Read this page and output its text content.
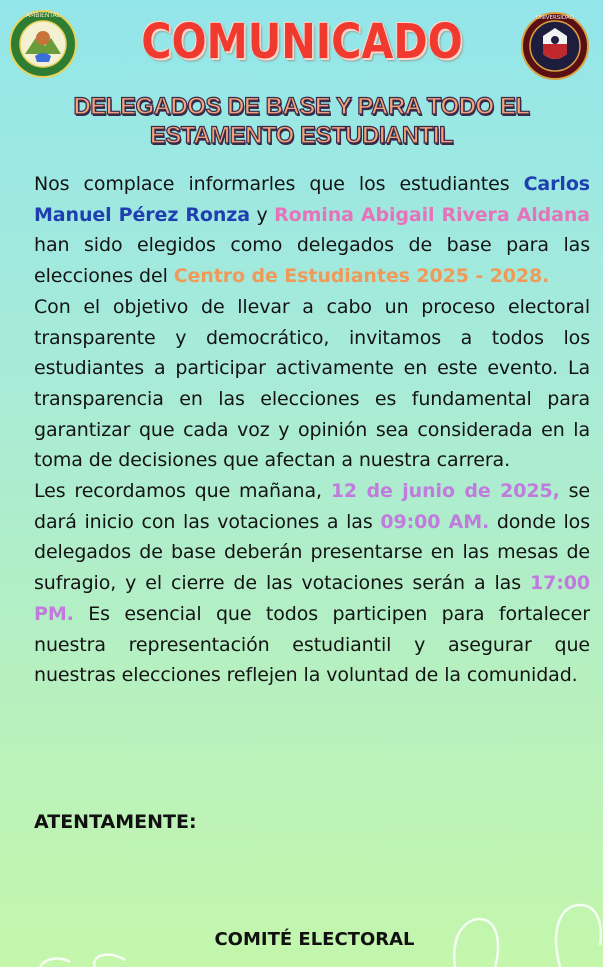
AMBIENTAL	UNIVERSIDAD
COMUNICADO
DELEGADOS DE BASE Y PARA TODO EL
ESTAMENTO ESTUDIANTIL

Nos complace informarles que los estudiantes Carlos Manuel Pérez Ronza y Romina Abigail Rivera Aldana han sido elegidos como delegados de base para las elecciones del Centro de Estudiantes 2025 - 2028.

Con el objetivo de llevar a cabo un proceso electoral transparente y democrático, invitamos a todos los estudiantes a participar activamente en este evento. La transparencia en las elecciones es fundamental para garantizar que cada voz y opinión sea considerada en la toma de decisiones que afectan a nuestra carrera.

Les recordamos que mañana, 12 de junio de 2025, se dará inicio con las votaciones a las 09:00 AM. donde los delegados de base deberán presentarse en las mesas de sufragio, y el cierre de las votaciones serán a las 17:00 PM. Es esencial que todos participen para fortalecer nuestra representación estudiantil y asegurar que nuestras elecciones reflejen la voluntad de la comunidad.

ATENTAMENTE:
COMITÉ ELECTORAL
